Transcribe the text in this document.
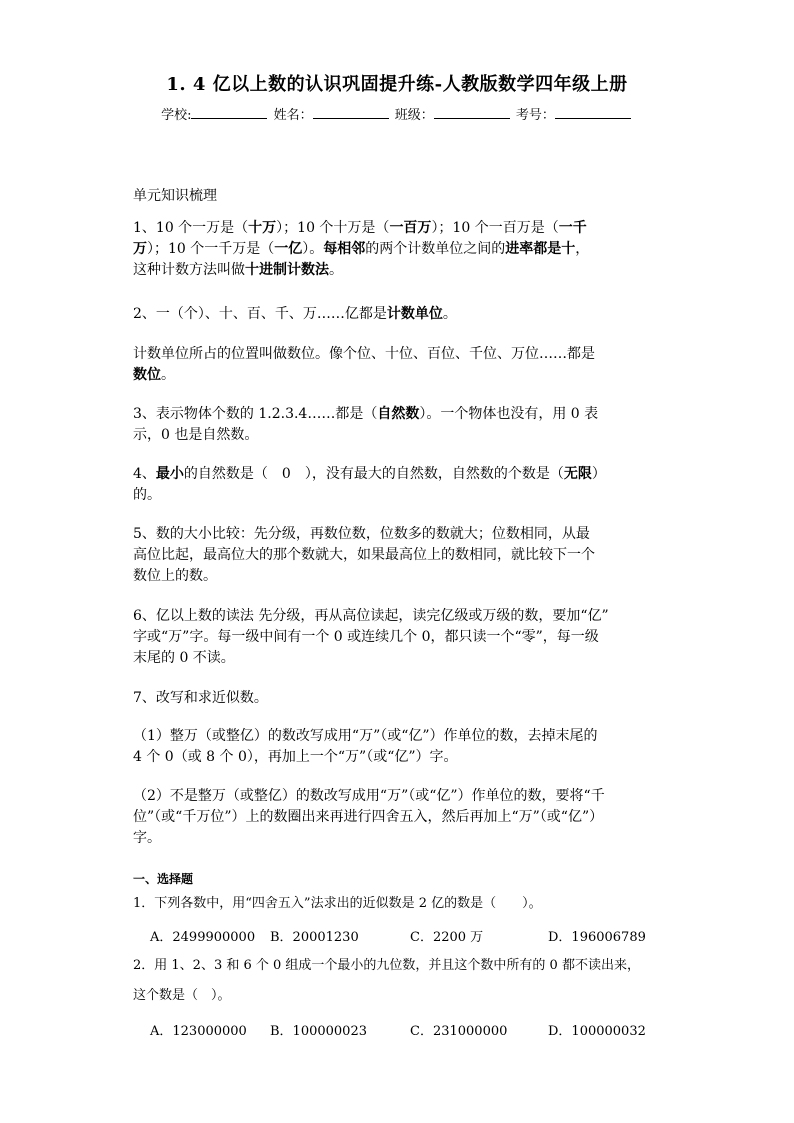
1. 4 亿以上数的认识巩固提升练-人教版数学四年级上册
学校:	姓名：	班级：	考号：
单元知识梳理
1、10 个一万是（十万）；10 个十万是（一百万）；10 个一百万是（一千
万）；10 个一千万是（一亿）。每相邻的两个计数单位之间的进率都是十，
这种计数方法叫做十进制计数法。
2、一（个）、十、百、千、万……亿都是计数单位。
计数单位所占的位置叫做数位。像个位、十位、百位、千位、万位……都是
数位。
3、表示物体个数的 1.2.3.4……都是（自然数）。一个物体也没有，用 0 表
示，0 也是自然数。
4、最小的自然数是（　0　），没有最大的自然数，自然数的个数是（无限）
的。
5、数的大小比较：先分级，再数位数，位数多的数就大；位数相同，从最
高位比起，最高位大的那个数就大，如果最高位上的数相同，就比较下一个
数位上的数。
6、亿以上数的读法 先分级，再从高位读起，读完亿级或万级的数，要加“亿”
字或“万”字。每一级中间有一个 0 或连续几个 0，都只读一个“零”，每一级
末尾的 0 不读。
7、改写和求近似数。
（1）整万（或整亿）的数改写成用“万”（或“亿”）作单位的数，去掉末尾的
4 个 0（或 8 个 0），再加上一个“万”（或“亿”）字。
（2）不是整万（或整亿）的数改写成用“万”（或“亿”）作单位的数，要将“千
位”（或“千万位”）上的数圈出来再进行四舍五入，然后再加上“万”（或“亿”）
字。
一、选择题
1．下列各数中，用“四舍五入”法求出的近似数是 2 亿的数是（　　）。
A．2499900000 B．20001230	C．2200 万	D．196006789
2．用 1、2、3 和 6 个 0 组成一个最小的九位数，并且这个数中所有的 0 都不读出来，
这个数是（　）。
A．123000000 B．100000023	C．231000000	D．100000032
